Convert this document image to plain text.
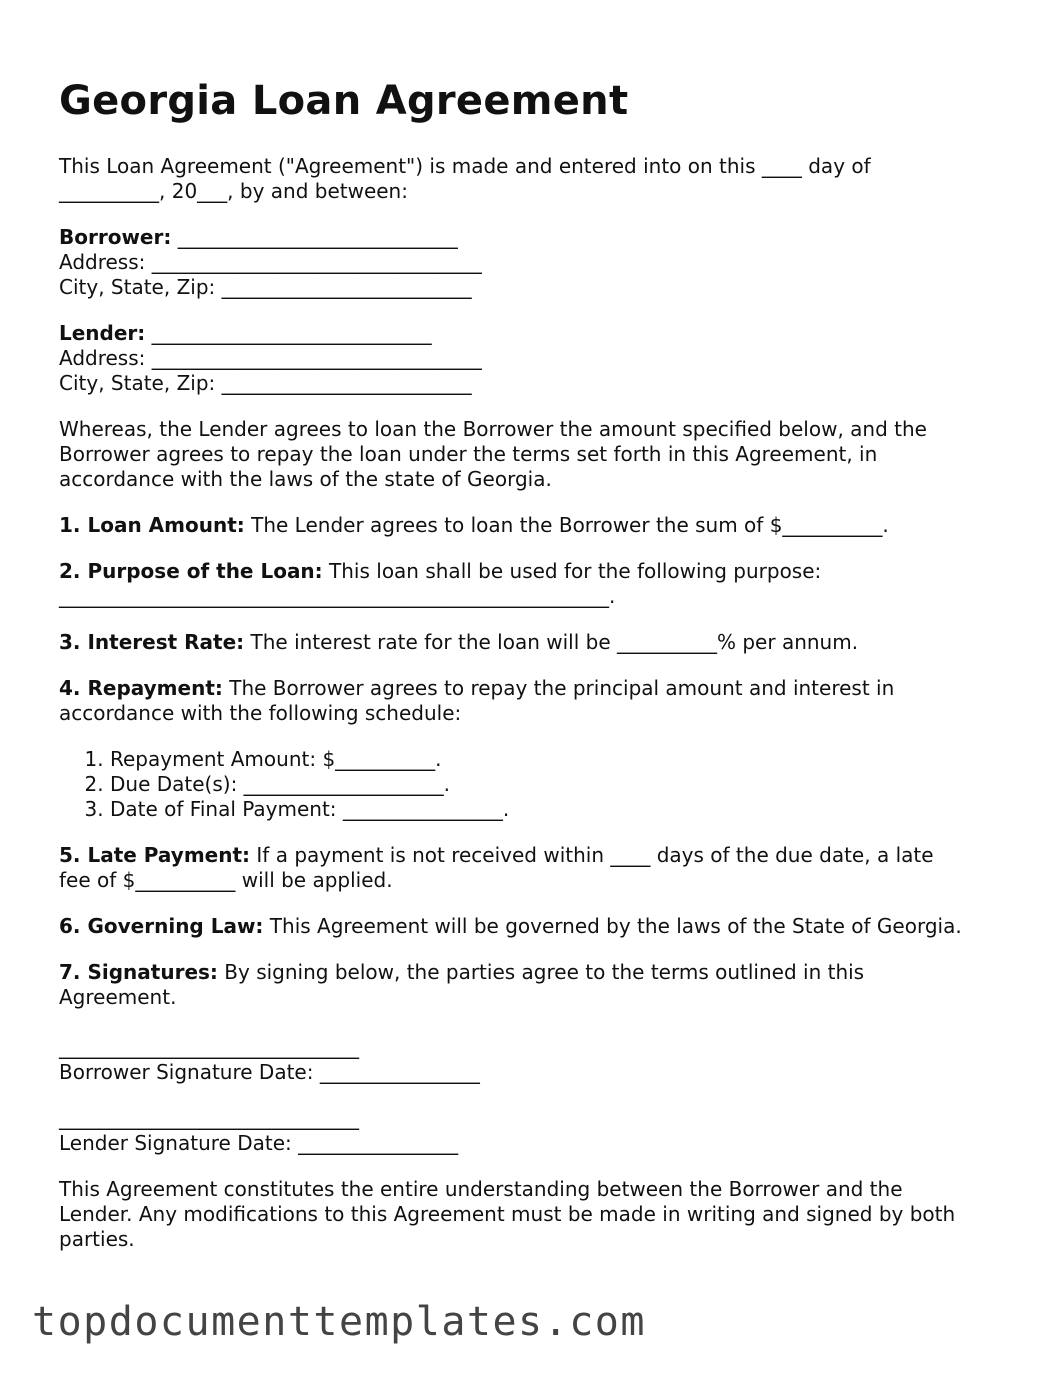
Georgia Loan Agreement

This Loan Agreement ("Agreement") is made and entered into on this ____ day of
__________, 20___, by and between:

Borrower: ____________________________
Address: _________________________________
City, State, Zip: _________________________
Lender: ____________________________
Address: _________________________________
City, State, Zip: _________________________

Whereas, the Lender agrees to loan the Borrower the amount specified below, and the
Borrower agrees to repay the loan under the terms set forth in this Agreement, in
accordance with the laws of the state of Georgia.

1. Loan Amount: The Lender agrees to loan the Borrower the sum of $__________.

2. Purpose of the Loan: This loan shall be used for the following purpose:
_______________________________________________________.

3. Interest Rate: The interest rate for the loan will be __________% per annum.

4. Repayment: The Borrower agrees to repay the principal amount and interest in
accordance with the following schedule:

1. Repayment Amount: $__________.
2. Due Date(s): ____________________.
3. Date of Final Payment: ________________.

5. Late Payment: If a payment is not received within ____ days of the due date, a late
fee of $__________ will be applied.

6. Governing Law: This Agreement will be governed by the laws of the State of Georgia.

7. Signatures: By signing below, the parties agree to the terms outlined in this
Agreement.

______________________________
Borrower Signature Date: ________________
______________________________
Lender Signature Date: ________________

This Agreement constitutes the entire understanding between the Borrower and the
Lender. Any modifications to this Agreement must be made in writing and signed by both
parties.

topdocumenttemplates.com
